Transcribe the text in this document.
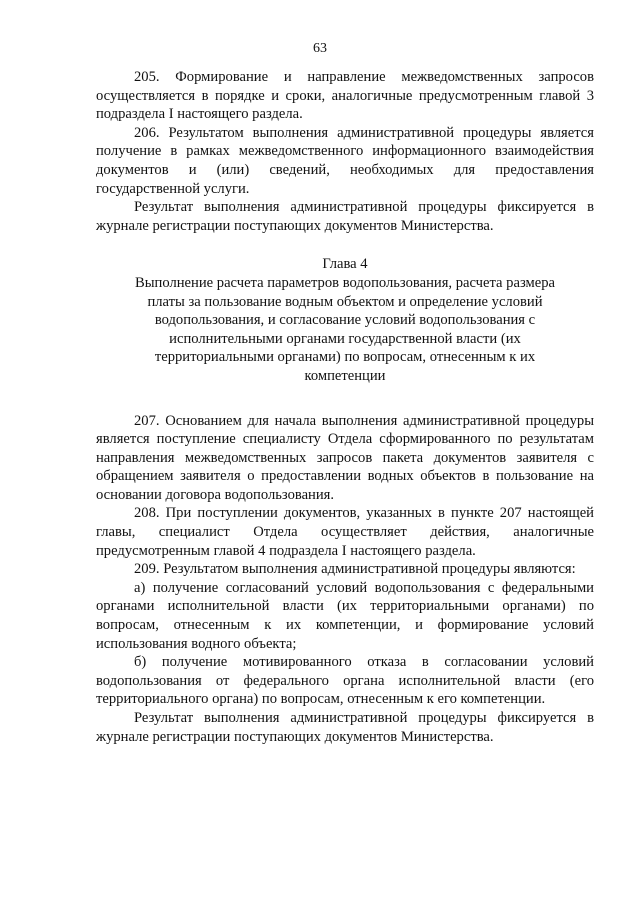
63

205. Формирование и направление межведомственных запросов осуществляется в порядке и сроки, аналогичные предусмотренным главой 3 подраздела I настоящего раздела.

206. Результатом выполнения административной процедуры является получение в рамках межведомственного информационного взаимодействия документов и (или) сведений, необходимых для предоставления государственной услуги.

Результат выполнения административной процедуры фиксируется в журнале регистрации поступающих документов Министерства.

Глава 4

Выполнение расчета параметров водопользования, расчета размера платы за пользование водным объектом и определение условий водопользования, и согласование условий водопользования с исполнительными органами государственной власти (их территориальными органами) по вопросам, отнесенным к их компетенции

207. Основанием для начала выполнения административной процедуры является поступление специалисту Отдела сформированного по результатам направления межведомственных запросов пакета документов заявителя с обращением заявителя о предоставлении водных объектов в пользование на основании договора водопользования.

208. При поступлении документов, указанных в пункте 207 настоящей главы, специалист Отдела осуществляет действия, аналогичные предусмотренным главой 4 подраздела I настоящего раздела.

209. Результатом выполнения административной процедуры являются:

а) получение согласований условий водопользования с федеральными органами исполнительной власти (их территориальными органами) по вопросам, отнесенным к их компетенции, и формирование условий использования водного объекта;

б) получение мотивированного отказа в согласовании условий водопользования от федерального органа исполнительной власти (его территориального органа) по вопросам, отнесенным к его компетенции.

Результат выполнения административной процедуры фиксируется в журнале регистрации поступающих документов Министерства.
